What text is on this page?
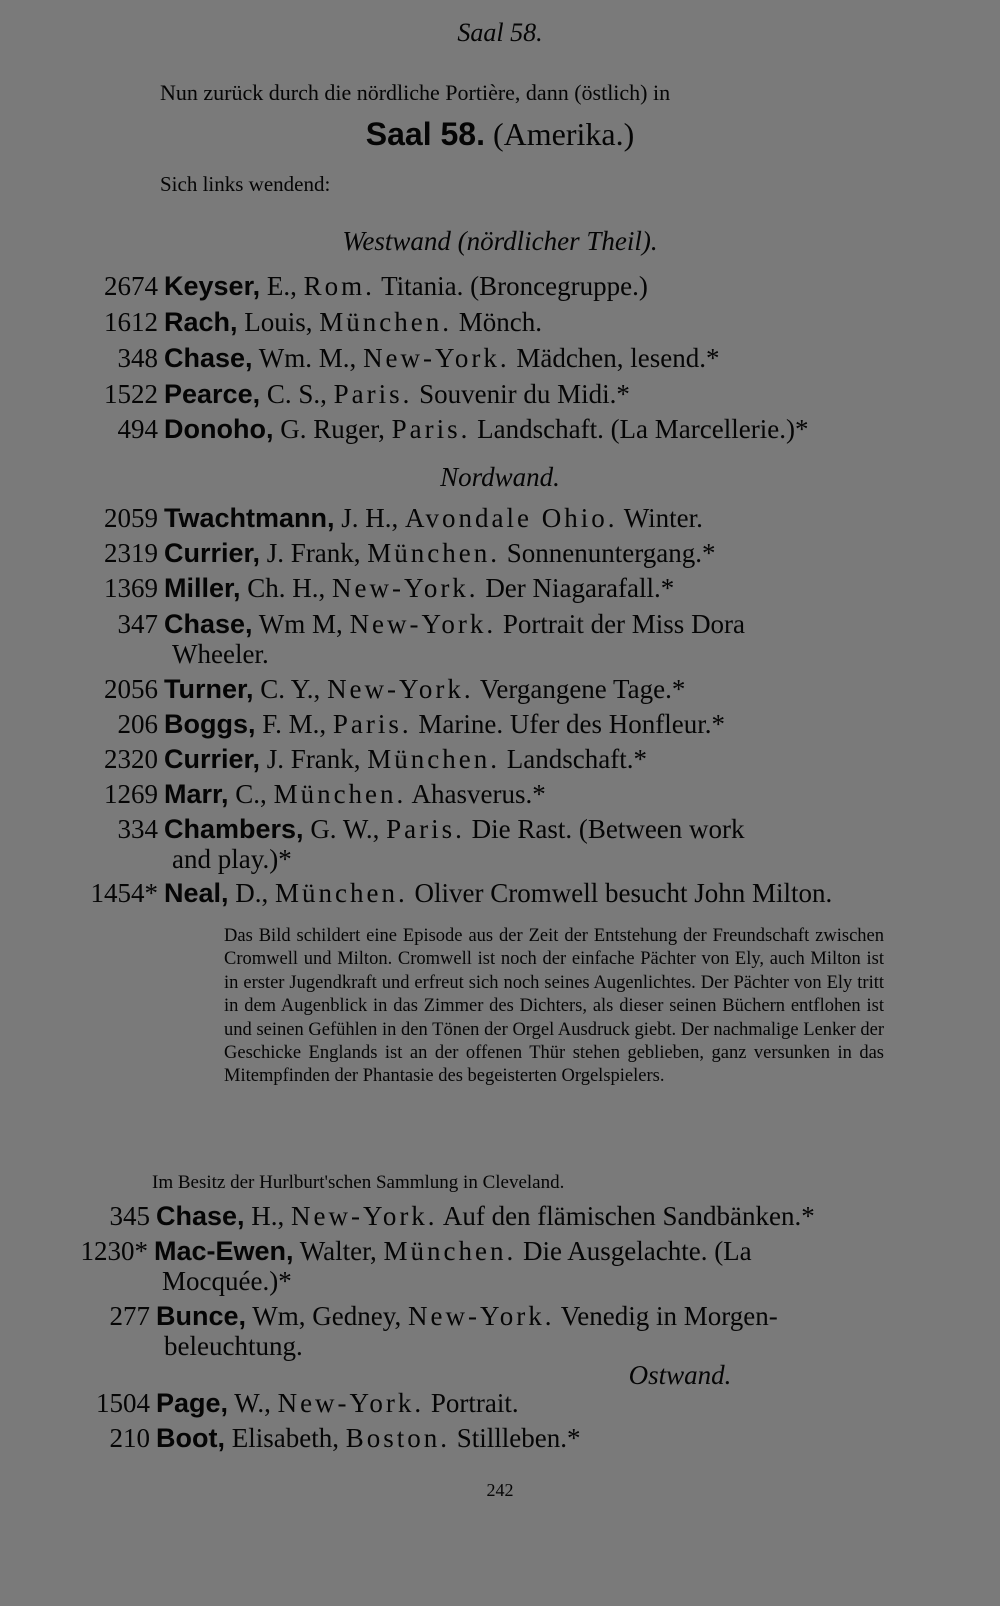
Saal 58.
Nun zurück durch die nördliche Portière, dann (östlich) in
Saal 58. (Amerika.)
Sich links wendend:
Westwand (nördlicher Theil).
2674 Keyser, E., Rom. Titania. (Broncegruppe.)
1612 Rach, Louis, München. Mönch.
348 Chase, Wm. M., New-York. Mädchen, lesend.*
1522 Pearce, C. S., Paris. Souvenir du Midi.*
494 Donoho, G. Ruger, Paris. Landschaft. (La Marcellerie.)*
2059 Twachtmann, J. H., Avondale Ohio. Winter.
2319 Currier, J. Frank, München. Sonnenuntergang.*
1369 Miller, Ch. H., New-York. Der Niagarafall.*
347 Chase, Wm M, New-York. Portrait der Miss Dora
Wheeler.
2056 Turner, C. Y., New-York. Vergangene Tage.*
206 Boggs, F. M., Paris. Marine. Ufer des Honfleur.*
2320 Currier, J. Frank, München. Landschaft.*
1269 Marr, C., München. Ahasverus.*
334 Chambers, G. W., Paris. Die Rast. (Between work
and play.)*
1454* Neal, D., München. Oliver Cromwell besucht John Milton.
345 Chase, H., New-York. Auf den flämischen Sandbänken.*
1230* Mac-Ewen, Walter, München. Die Ausgelachte. (La
Mocquée.)*
277 Bunce, Wm, Gedney, New-York. Venedig in Morgen-
beleuchtung.
1504 Page, W., New-York. Portrait.
210 Boot, Elisabeth, Boston. Stillleben.*
Nordwand.
Das Bild schildert eine Episode aus der Zeit der Entstehung der Freundschaft zwischen Cromwell und Milton. Cromwell ist noch der einfache Pächter von Ely, auch Milton ist in erster Jugendkraft und erfreut sich noch seines Augenlichtes. Der Pächter von Ely tritt in dem Augenblick in das Zimmer des Dichters, als dieser seinen Büchern entflohen ist und seinen Gefühlen in den Tönen der Orgel Ausdruck giebt. Der nachmalige Lenker der Geschicke Englands ist an der offenen Thür stehen geblieben, ganz versunken in das Mitempfinden der Phantasie des begeisterten Orgelspielers.
Im Besitz der Hurlburt'schen Sammlung in Cleveland.
Ostwand.
242
